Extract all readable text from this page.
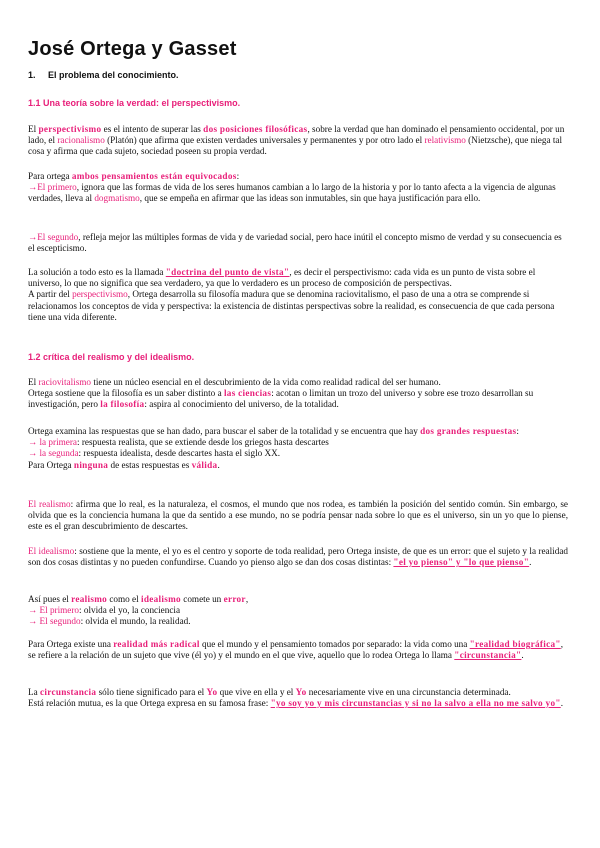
José Ortega y Gasset
1. El problema del conocimiento.
1.1 Una teoría sobre la verdad: el perspectivismo.
El perspectivismo es el intento de superar las dos posiciones filosóficas, sobre la verdad que han dominado el pensamiento occidental, por un lado, el racionalismo (Platón) que afirma que existen verdades universales y permanentes y por otro lado el relativismo (Nietzsche), que niega tal cosa y afirma que cada sujeto, sociedad poseen su propia verdad.
Para ortega ambos pensamientos están equivocados:
→El primero, ignora que las formas de vida de los seres humanos cambian a lo largo de la historia y por lo tanto afecta a la vigencia de algunas verdades, lleva al dogmatismo, que se empeña en afirmar que las ideas son inmutables, sin que haya justificación para ello.
→El segundo, refleja mejor las múltiples formas de vida y de variedad social, pero hace inútil el concepto mismo de verdad y su consecuencia es el escepticismo.
La solución a todo esto es la llamada "doctrina del punto de vista", es decir el perspectivismo: cada vida es un punto de vista sobre el universo, lo que no significa que sea verdadero, ya que lo verdadero es un proceso de composición de perspectivas.
A partir del perspectivismo, Ortega desarrolla su filosofía madura que se denomina raciovitalismo, el paso de una a otra se comprende si relacionamos los conceptos de vida y perspectiva: la existencia de distintas perspectivas sobre la realidad, es consecuencia de que cada persona tiene una vida diferente.
1.2 crítica del realismo y del idealismo.
El raciovitalismo tiene un núcleo esencial en el descubrimiento de la vida como realidad radical del ser humano.
Ortega sostiene que la filosofía es un saber distinto a las ciencias: acotan o limitan un trozo del universo y sobre ese trozo desarrollan su investigación, pero la filosofía: aspira al conocimiento del universo, de la totalidad.
Ortega examina las respuestas que se han dado, para buscar el saber de la totalidad y se encuentra que hay dos grandes respuestas:
→ la primera: respuesta realista, que se extiende desde los griegos hasta descartes
→ la segunda: respuesta idealista, desde descartes hasta el siglo XX.
Para Ortega ninguna de estas respuestas es válida.
El realismo: afirma que lo real, es la naturaleza, el cosmos, el mundo que nos rodea, es también la posición del sentido común. Sin embargo, se olvida que es la conciencia humana la que da sentido a ese mundo, no se podría pensar nada sobre lo que es el universo, sin un yo que lo piense, este es el gran descubrimiento de descartes.
El idealismo: sostiene que la mente, el yo es el centro y soporte de toda realidad, pero Ortega insiste, de que es un error: que el sujeto y la realidad son dos cosas distintas y no pueden confundirse. Cuando yo pienso algo se dan dos cosas distintas: "el yo pienso" y "lo que pienso".
Así pues el realismo como el idealismo comete un error,
→ El primero: olvida el yo, la conciencia
→ El segundo: olvida el mundo, la realidad.
Para Ortega existe una realidad más radical que el mundo y el pensamiento tomados por separado: la vida como una "realidad biográfica", se refiere a la relación de un sujeto que vive (él yo) y el mundo en el que vive, aquello que lo rodea Ortega lo llama "circunstancia".
La circunstancia sólo tiene significado para el Yo que vive en ella y el Yo necesariamente vive en una circunstancia determinada.
Está relación mutua, es la que Ortega expresa en su famosa frase: "yo soy yo y mis circunstancias y si no la salvo a ella no me salvo yo".
